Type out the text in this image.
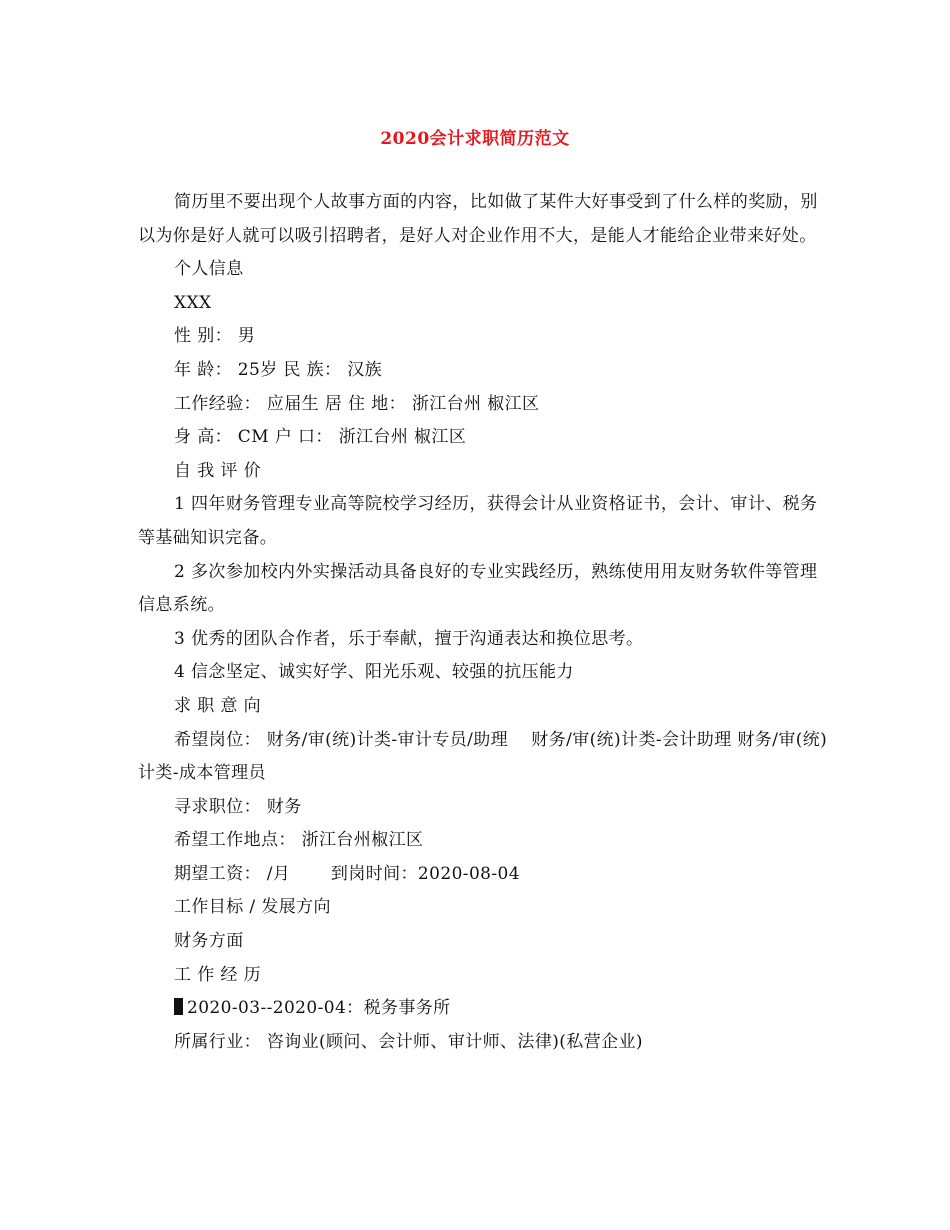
2020会计求职简历范文

简历里不要出现个人故事方面的内容，比如做了某件大好事受到了什么样的奖励，别以为你是好人就可以吸引招聘者，是好人对企业作用不大，是能人才能给企业带来好处。

个人信息

XXX

性 别： 男

年 龄： 25岁 民 族： 汉族

工作经验： 应届生 居 住 地： 浙江台州 椒江区

身 高： CM 户 口： 浙江台州 椒江区

自 我 评 价

1 四年财务管理专业高等院校学习经历，获得会计从业资格证书，会计、审计、税务等基础知识完备。

2 多次参加校内外实操活动具备良好的专业实践经历，熟练使用用友财务软件等管理信息系统。

3 优秀的团队合作者，乐于奉献，擅于沟通表达和换位思考。

4 信念坚定、诚实好学、阳光乐观、较强的抗压能力

求 职 意 向

希望岗位： 财务/审(统)计类-审计专员/助理　 财务/审(统)计类-会计助理 财务/审(统)计类-成本管理员

寻求职位： 财务

希望工作地点： 浙江台州椒江区

期望工资： /月　　 到岗时间：2020-08-04

工作目标 / 发展方向

财务方面

工 作 经 历

2020-03--2020-04：税务事务所

所属行业： 咨询业(顾问、会计师、审计师、法律)(私营企业)
